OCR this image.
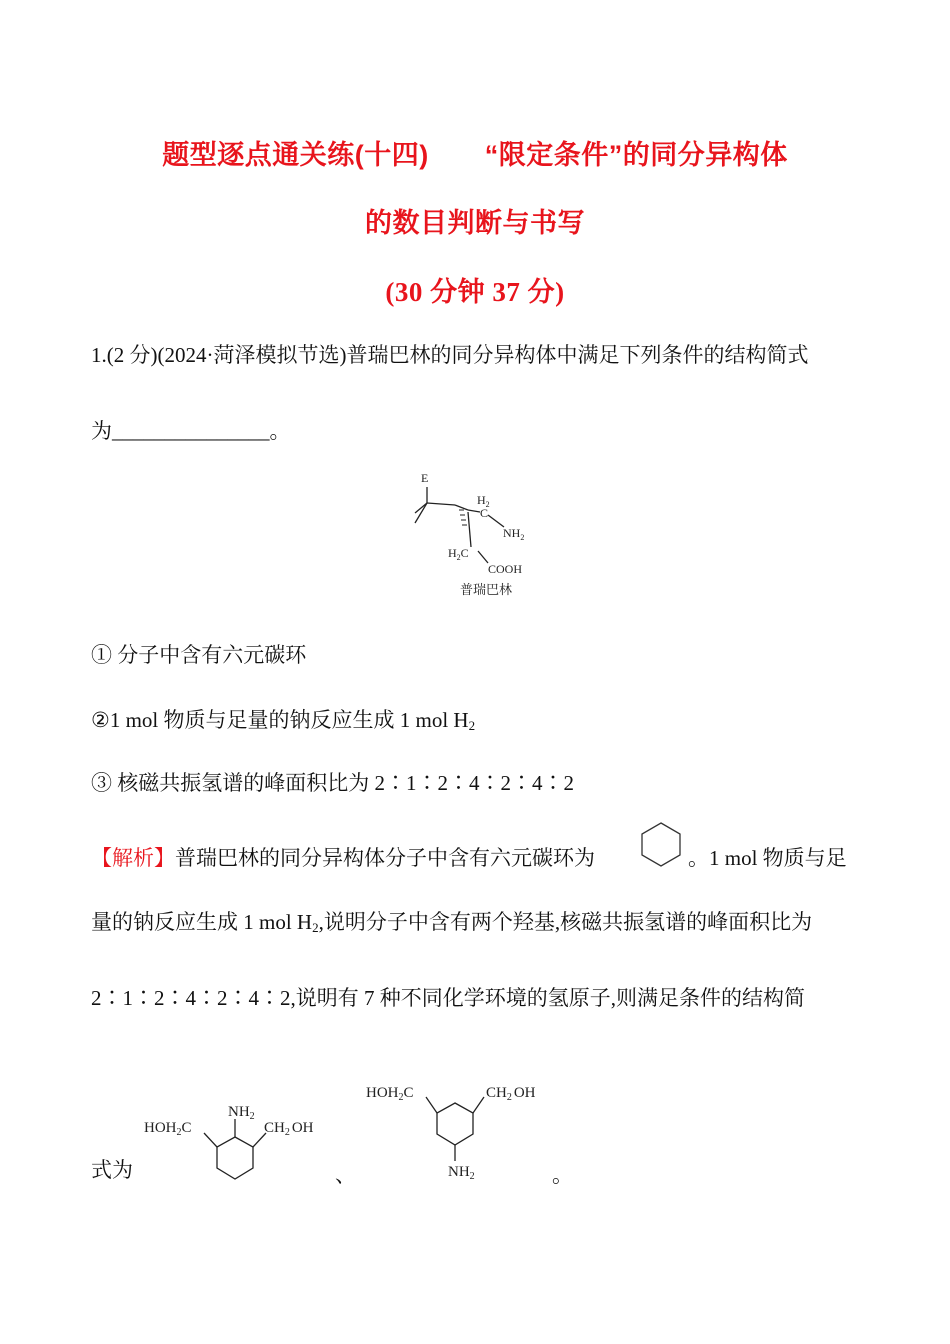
题型逐点通关练(十四) “限定条件”的同分异构体
的数目判断与书写
(30 分钟 37 分)
1.(2 分)(2024·菏泽模拟节选)普瑞巴林的同分异构体中满足下列条件的结构简式
为_______________。
E
$H_2$
C
$NH_2$
$H_2C$
COOH
普瑞巴林
① 分子中含有六元碳环
②1 mol 物质与足量的钠反应生成 1 mol $H_2$
③ 核磁共振氢谱的峰面积比为 2∶1∶2∶4∶2∶4∶2
【解析】普瑞巴林的同分异构体分子中含有六元碳环为	。1 mol 物质与足
量的钠反应生成 1 mol $H_2$,说明分子中含有两个羟基,核磁共振氢谱的峰面积比为
2∶1∶2∶4∶2∶4∶2,说明有 7 种不同化学环境的氢原子,则满足条件的结构简
式为
$HOH_2C$
$NH_2$
$CH_2$ OH
、
$HOH_2C$	$CH_2$ OH
$NH_2$	。
